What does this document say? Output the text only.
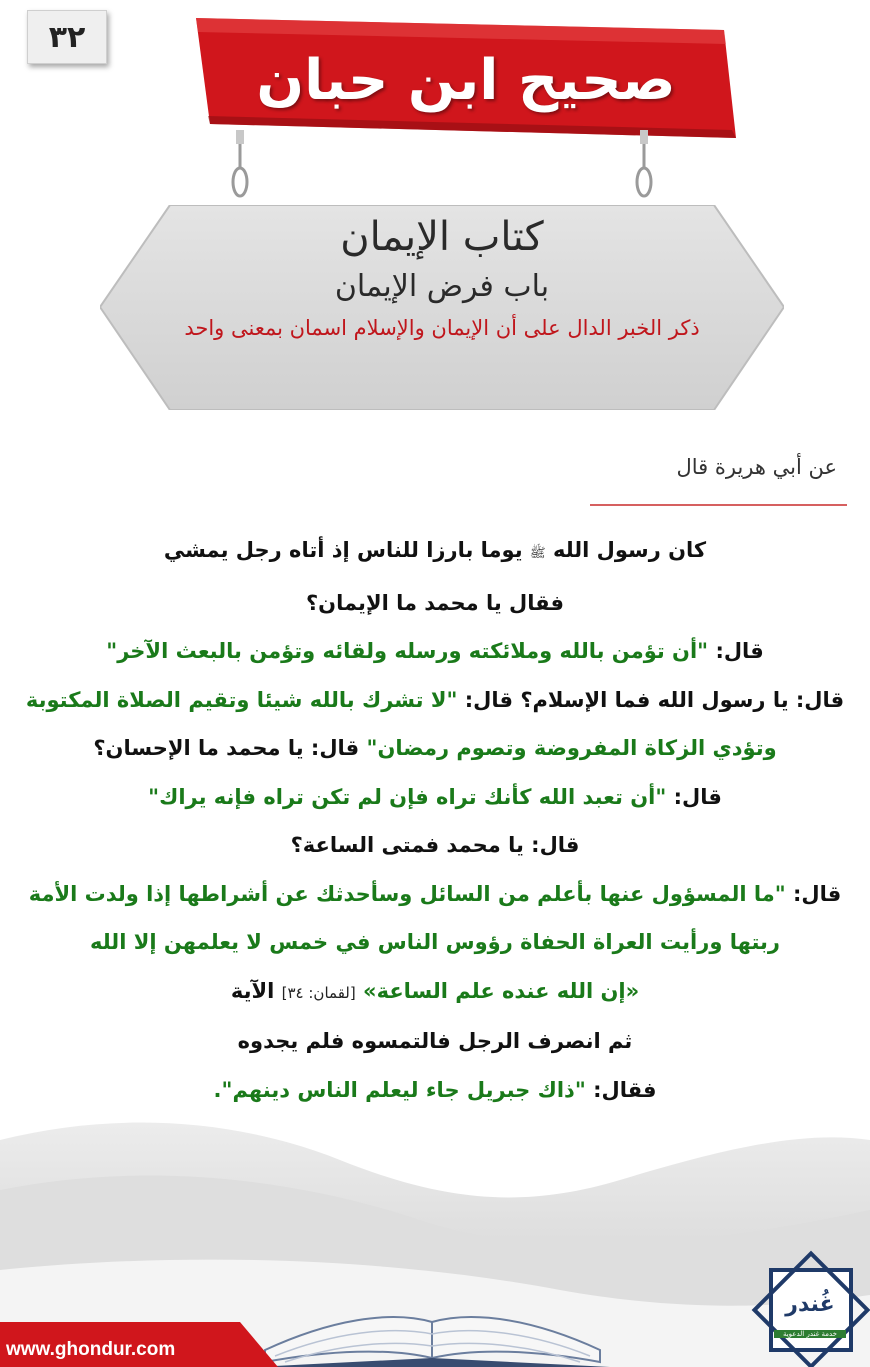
٣٢
صحيح ابن حبان
كتاب الإيمان
باب فرض الإيمان
ذكر الخبر الدال على أن الإيمان والإسلام اسمان بمعنى واحد
عن أبي هريرة قال
كان رسول الله ﷺ يوما بارزا للناس إذ أتاه رجل يمشي
فقال يا محمد ما الإيمان؟
قال: "أن تؤمن بالله وملائكته ورسله ولقائه وتؤمن بالبعث الآخر"
قال: يا رسول الله فما الإسلام؟ قال: "لا تشرك بالله شيئا وتقيم الصلاة المكتوبة
وتؤدي الزكاة المفروضة وتصوم رمضان" قال: يا محمد ما الإحسان؟
قال: "أن تعبد الله كأنك تراه فإن لم تكن تراه فإنه يراك"
قال: يا محمد فمتى الساعة؟
قال: "ما المسؤول عنها بأعلم من السائل وسأحدثك عن أشراطها إذا ولدت الأمة
ربتها ورأيت العراة الحفاة رؤوس الناس في خمس لا يعلمهن إلا الله
«إن الله عنده علم الساعة» [لقمان: ٣٤] الآية
ثم انصرف الرجل فالتمسوه فلم يجدوه
فقال: "ذاك جبريل جاء ليعلم الناس دينهم".
www.ghondur.com
غُندر
خدمة غندر الدعوية
